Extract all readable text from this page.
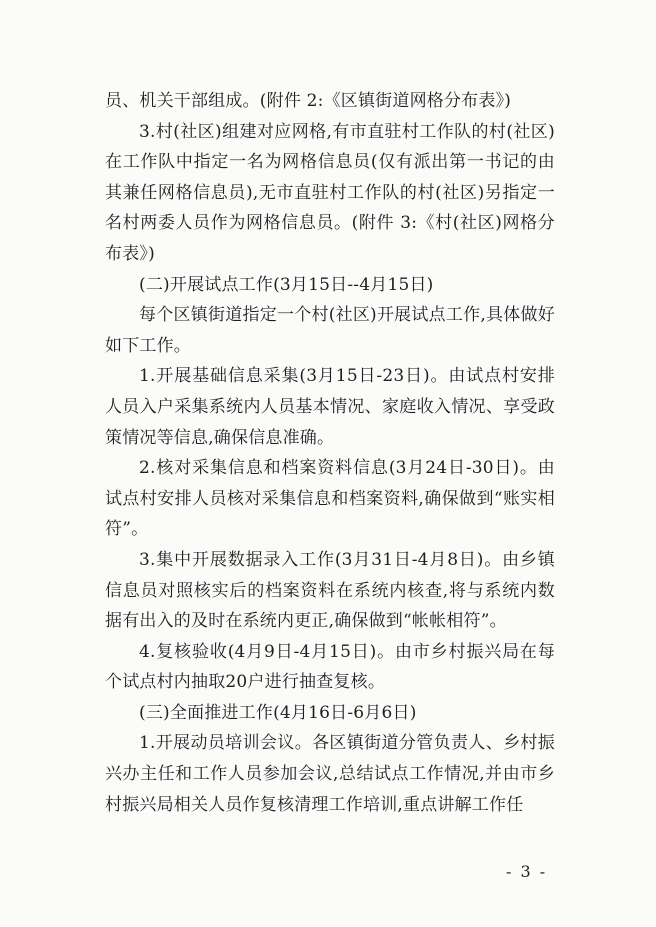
员、机关干部组成。(附件 2:《区镇街道网格分布表》)

3.村(社区)组建对应网格,有市直驻村工作队的村(社区)在工作队中指定一名为网格信息员(仅有派出第一书记的由其兼任网格信息员),无市直驻村工作队的村(社区)另指定一名村两委人员作为网格信息员。(附件 3:《村(社区)网格分布表》)

(二)开展试点工作(3月15日--4月15日)

每个区镇街道指定一个村(社区)开展试点工作,具体做好如下工作。

1.开展基础信息采集(3月15日-23日)。由试点村安排人员入户采集系统内人员基本情况、家庭收入情况、享受政策情况等信息,确保信息准确。

2.核对采集信息和档案资料信息(3月24日-30日)。由试点村安排人员核对采集信息和档案资料,确保做到“账实相符”。

3.集中开展数据录入工作(3月31日-4月8日)。由乡镇信息员对照核实后的档案资料在系统内核查,将与系统内数据有出入的及时在系统内更正,确保做到“帐帐相符”。

4.复核验收(4月9日-4月15日)。由市乡村振兴局在每个试点村内抽取20户进行抽查复核。

(三)全面推进工作(4月16日-6月6日)

1.开展动员培训会议。各区镇街道分管负责人、乡村振兴办主任和工作人员参加会议,总结试点工作情况,并由市乡村振兴局相关人员作复核清理工作培训,重点讲解工作任

- 3 -
